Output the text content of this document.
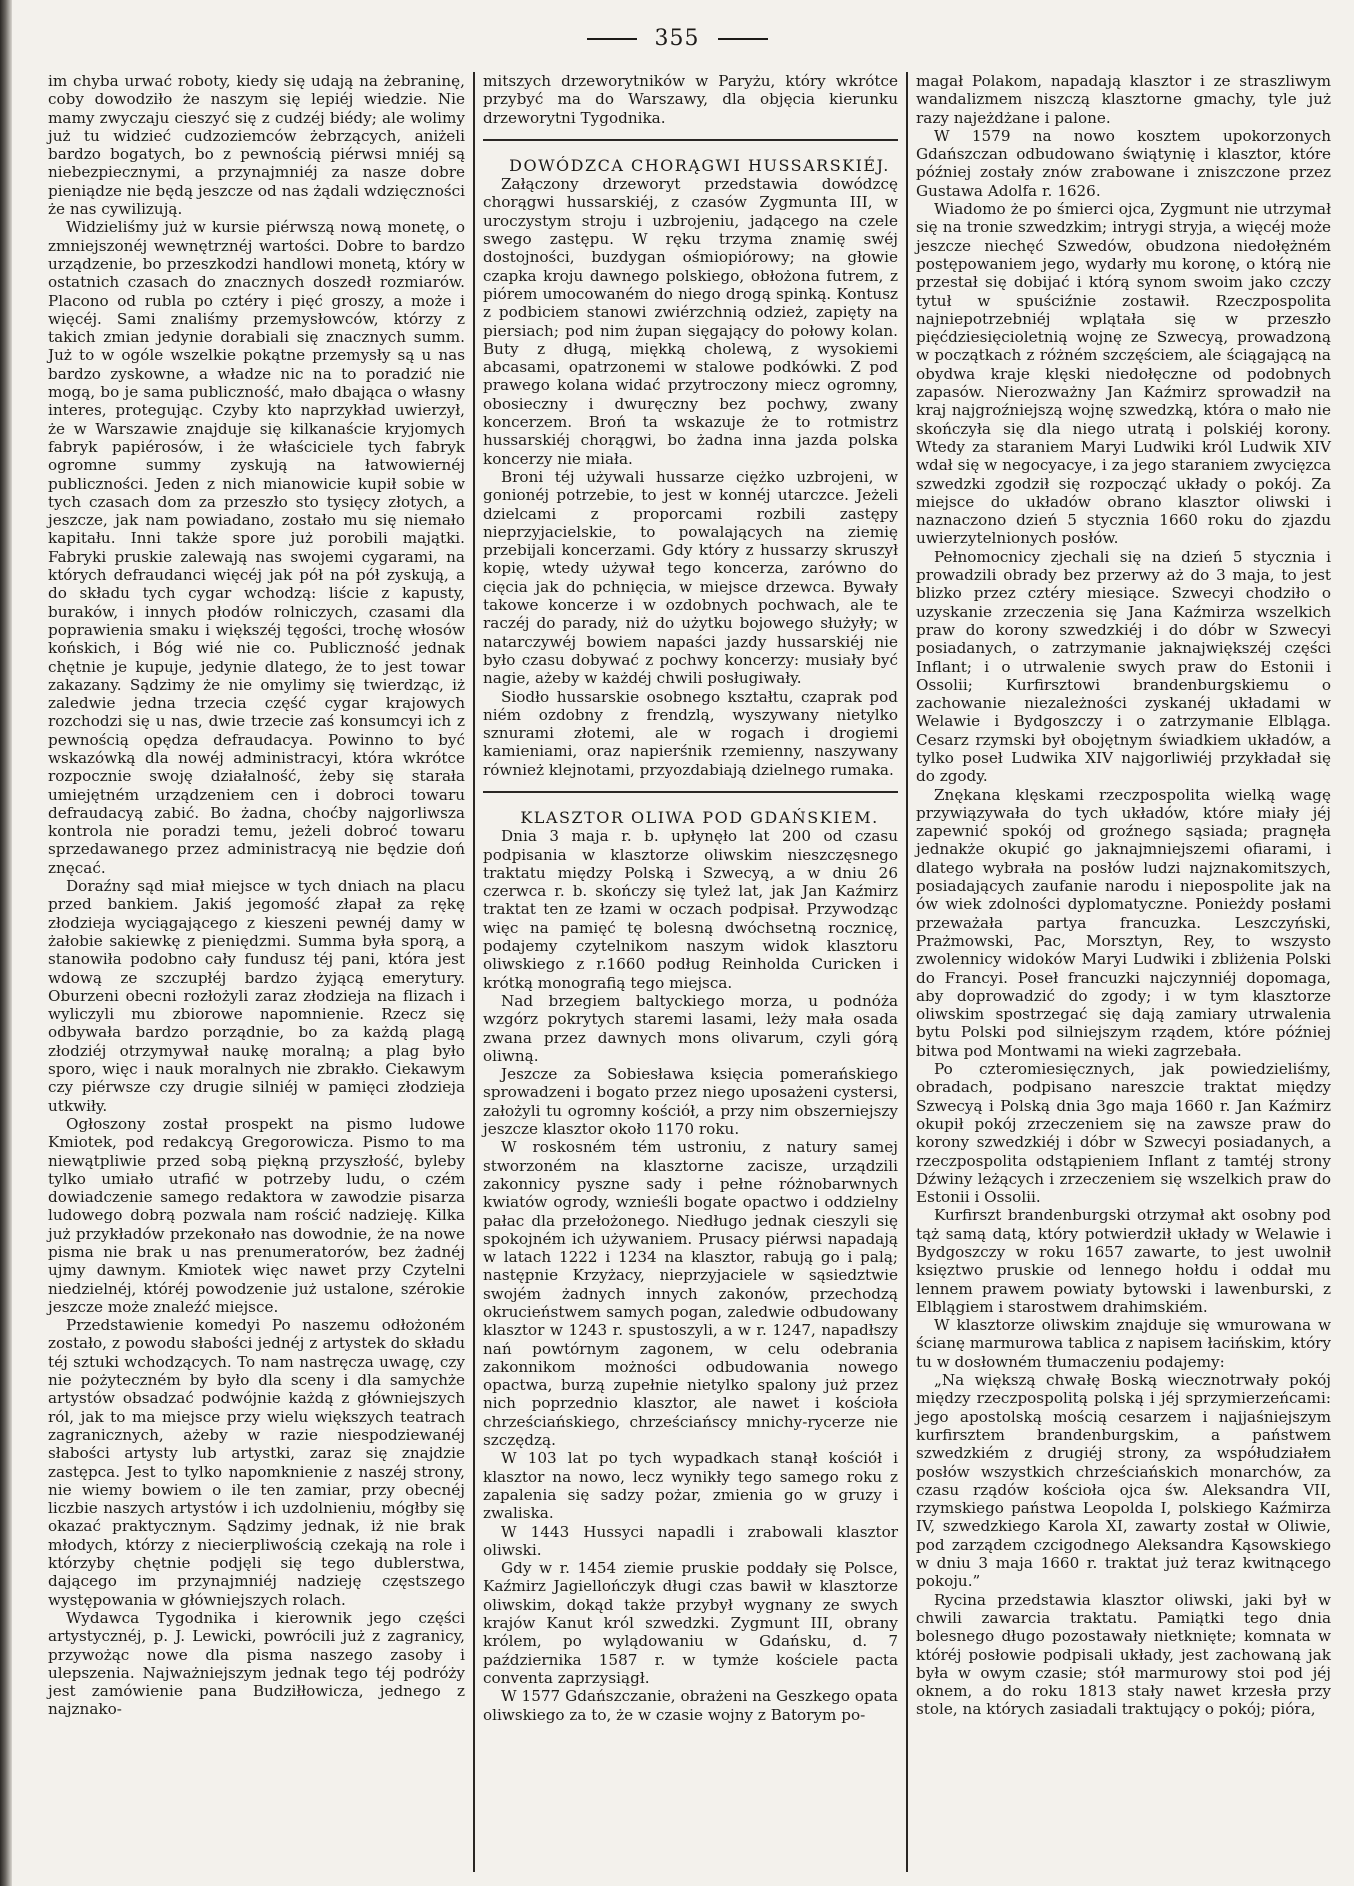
355

im chyba urwać roboty, kiedy się udają na żebraninę, coby dowodziło że naszym się lepiéj wiedzie. Nie mamy zwyczaju cieszyć się z cudzéj biédy; ale wolimy już tu widzieć cudzoziemców żebrzących, aniżeli bardzo bogatych, bo z pewnością piérwsi mniéj są niebezpiecznymi, a przynajmniéj za nasze dobre pieniądze nie będą jeszcze od nas żądali wdzięczności że nas cywilizują.

Widzieliśmy już w kursie piérwszą nową monetę, o zmniejszonéj wewnętrznéj wartości. Dobre to bardzo urządzenie, bo przeszkodzi handlowi monetą, który w ostatnich czasach do znacznych doszedł rozmiarów. Placono od rubla po cztéry i pięć groszy, a może i więcéj. Sami znaliśmy przemysłowców, którzy z takich zmian jedynie dorabiali się znacznych summ. Już to w ogóle wszelkie pokątne przemysły są u nas bardzo zyskowne, a władze nic na to poradzić nie mogą, bo je sama publiczność, mało dbająca o własny interes, protegując. Czyby kto naprzykład uwierzył, że w Warszawie znajduje się kilkanaście kryjomych fabryk papiérosów, i że właściciele tych fabryk ogromne summy zyskują na łatwowiernéj publiczności. Jeden z nich mianowicie kupił sobie w tych czasach dom za przeszło sto tysięcy złotych, a jeszcze, jak nam powiadano, zostało mu się niemało kapitału. Inni także spore już porobili majątki. Fabryki pruskie zalewają nas swojemi cygarami, na których defraudanci więcéj jak pół na pół zyskują, a do składu tych cygar wchodzą: liście z kapusty, buraków, i innych płodów rolniczych, czasami dla poprawienia smaku i większéj tęgości, trochę włosów końskich, i Bóg wié nie co. Publiczność jednak chętnie je kupuje, jedynie dlatego, że to jest towar zakazany. Sądzimy że nie omylimy się twierdząc, iż zaledwie jedna trzecia część cygar krajowych rozchodzi się u nas, dwie trzecie zaś konsumcyi ich z pewnością opędza defraudacya. Powinno to być wskazówką dla nowéj administracyi, która wkrótce rozpocznie swoję działalność, żeby się starała umiejętném urządzeniem cen i dobroci towaru defraudacyą zabić. Bo żadna, choćby najgorliwsza kontrola nie poradzi temu, jeżeli dobroć towaru sprzedawanego przez administracyą nie będzie doń znęcać.

Doraźny sąd miał miejsce w tych dniach na placu przed bankiem. Jakiś jegomość złapał za rękę złodzieja wyciągającego z kieszeni pewnéj damy w żałobie sakiewkę z pieniędzmi. Summa była sporą, a stanowiła podobno cały fundusz téj pani, która jest wdową ze szczupłéj bardzo żyjącą emerytury. Oburzeni obecni rozłożyli zaraz złodzieja na flizach i wyliczyli mu zbiorowe napomnienie. Rzecz się odbywała bardzo porządnie, bo za każdą plagą złodziéj otrzymywał naukę moralną; a plag było sporo, więc i nauk moralnych nie zbrakło. Ciekawym czy piérwsze czy drugie silniéj w pamięci złodzieja utkwiły.

Ogłoszony został prospekt na pismo ludowe Kmiotek, pod redakcyą Gregorowicza. Pismo to ma niewątpliwie przed sobą piękną przyszłość, byleby tylko umiało utrafić w potrzeby ludu, o czém dowiadczenie samego redaktora w zawodzie pisarza ludowego dobrą pozwala nam rościć nadzieję. Kilka już przykładów przekonało nas dowodnie, że na nowe pisma nie brak u nas prenumeratorów, bez żadnéj ujmy dawnym. Kmiotek więc nawet przy Czytelni niedzielnéj, któréj powodzenie już ustalone, szérokie jeszcze może znaleźć miejsce.

Przedstawienie komedyi Po naszemu odłożoném zostało, z powodu słabości jednéj z artystek do składu téj sztuki wchodzących. To nam nastręcza uwagę, czy nie pożyteczném by było dla sceny i dla samychże artystów obsadzać podwójnie każdą z główniejszych ról, jak to ma miejsce przy wielu większych teatrach zagranicznych, ażeby w razie niespodziewanéj słabości artysty lub artystki, zaraz się znajdzie zastępca. Jest to tylko napomknienie z naszéj strony, nie wiemy bowiem o ile ten zamiar, przy obecnéj liczbie naszych artystów i ich uzdolnieniu, mógłby się okazać praktycznym. Sądzimy jednak, iż nie brak młodych, którzy z niecierpliwością czekają na role i którzyby chętnie podjęli się tego dublerstwa, dającego im przynajmniéj nadzieję częstszego występowania w główniejszych rolach.

Wydawca Tygodnika i kierownik jego części artystycznéj, p. J. Lewicki, powrócili już z zagranicy, przywożąc nowe dla pisma naszego zasoby i ulepszenia. Najważniejszym jednak tego téj podróży jest zamówienie pana Budziłłowicza, jednego z najznako-

mitszych drzeworytników w Paryżu, który wkrótce przybyć ma do Warszawy, dla objęcia kierunku drzeworytni Tygodnika.

DOWÓDZCA CHORĄGWI HUSSARSKIÉJ.

Załączony drzeworyt przedstawia dowódzcę chorągwi hussarskiéj, z czasów Zygmunta III, w uroczystym stroju i uzbrojeniu, jadącego na czele swego zastępu. W ręku trzyma znamię swéj dostojności, buzdygan ośmiopiórowy; na głowie czapka kroju dawnego polskiego, obłożona futrem, z piórem umocowaném do niego drogą spinką. Kontusz z podbiciem stanowi zwiérzchnią odzież, zapięty na piersiach; pod nim żupan sięgający do połowy kolan. Buty z długą, miękką cholewą, z wysokiemi abcasami, opatrzonemi w stalowe podkówki. Z pod prawego kolana widać przytroczony miecz ogromny, obosieczny i dwuręczny bez pochwy, zwany koncerzem. Broń ta wskazuje że to rotmistrz hussarskiéj chorągwi, bo żadna inna jazda polska koncerzy nie miała.

Broni téj używali hussarze ciężko uzbrojeni, w gonionéj potrzebie, to jest w konnéj utarczce. Jeżeli dzielcami z proporcami rozbili zastępy nieprzyjacielskie, to powalających na ziemię przebijali koncerzami. Gdy który z hussarzy skruszył kopię, wtedy używał tego koncerza, zarówno do cięcia jak do pchnięcia, w miejsce drzewca. Bywały takowe koncerze i w ozdobnych pochwach, ale te raczéj do parady, niż do użytku bojowego służyły; w natarczywéj bowiem napaści jazdy hussarskiéj nie było czasu dobywać z pochwy koncerzy: musiały być nagie, ażeby w każdéj chwili posługiwały.

Siodło hussarskie osobnego kształtu, czaprak pod niém ozdobny z frendzlą, wyszywany nietylko sznurami złotemi, ale w rogach i drogiemi kamieniami, oraz napierśnik rzemienny, naszywany również klejnotami, przyozdabiają dzielnego rumaka.

KLASZTOR OLIWA POD GDAŃSKIEM.

Dnia 3 maja r. b. upłynęło lat 200 od czasu podpisania w klasztorze oliwskim nieszczęsnego traktatu między Polską i Szwecyą, a w dniu 26 czerwca r. b. skończy się tyleż lat, jak Jan Kaźmirz traktat ten ze łzami w oczach podpisał. Przywodząc więc na pamięć tę bolesną dwóchsetną rocznicę, podajemy czytelnikom naszym widok klasztoru oliwskiego z r.1660 podług Reinholda Curicken i krótką monografią tego miejsca.

Nad brzegiem baltyckiego morza, u podnóża wzgórz pokrytych staremi lasami, leży mała osada zwana przez dawnych mons olivarum, czyli górą oliwną.

Jeszcze za Sobiesława księcia pomerańskiego sprowadzeni i bogato przez niego uposażeni cystersi, założyli tu ogromny kościół, a przy nim obszerniejszy jeszcze klasztor około 1170 roku.

W roskosném tém ustroniu, z natury samej stworzoném na klasztorne zacisze, urządzili zakonnicy pyszne sady i pełne różnobarwnych kwiatów ogrody, wznieśli bogate opactwo i oddzielny pałac dla przełożonego. Niedługo jednak cieszyli się spokojném ich używaniem. Prusacy piérwsi napadają w latach 1222 i 1234 na klasztor, rabują go i palą; następnie Krzyżacy, nieprzyjaciele w sąsiedztwie swojém żadnych innych zakonów, przechodzą okrucieństwem samych pogan, zaledwie odbudowany klasztor w 1243 r. spustoszyli, a w r. 1247, napadłszy nań powtórnym zagonem, w celu odebrania zakonnikom możności odbudowania nowego opactwa, burzą zupełnie nietylko spalony już przez nich poprzednio klasztor, ale nawet i kościoła chrześciańskiego, chrześciańscy mnichy-rycerze nie szczędzą.

W 103 lat po tych wypadkach stanął kościół i klasztor na nowo, lecz wynikły tego samego roku z zapalenia się sadzy pożar, zmienia go w gruzy i zwaliska.

W 1443 Hussyci napadli i zrabowali klasztor oliwski.

Gdy w r. 1454 ziemie pruskie poddały się Polsce, Kaźmirz Jagiellończyk długi czas bawił w klasztorze oliwskim, dokąd także przybył wygnany ze swych krajów Kanut król szwedzki. Zygmunt III, obrany królem, po wylądowaniu w Gdańsku, d. 7 października 1587 r. w tymże kościele pacta conventa zaprzysiągł.

W 1577 Gdańszczanie, obrażeni na Geszkego opata oliwskiego za to, że w czasie wojny z Batorym po-

magał Polakom, napadają klasztor i ze straszliwym wandalizmem niszczą klasztorne gmachy, tyle już razy najeżdżane i palone.

W 1579 na nowo kosztem upokorzonych Gdańszczan odbudowano świątynię i klasztor, które później zostały znów zrabowane i zniszczone przez Gustawa Adolfa r. 1626.

Wiadomo że po śmierci ojca, Zygmunt nie utrzymał się na tronie szwedzkim; intrygi stryja, a więcéj może jeszcze niechęć Szwedów, obudzona niedołężném postępowaniem jego, wydarły mu koronę, o którą nie przestał się dobijać i którą synom swoim jako czczy tytuł w spuściźnie zostawił. Rzeczpospolita najniepotrzebniéj wplątała się w przeszło pięćdziesięcioletnią wojnę ze Szwecyą, prowadzoną w początkach z różném szczęściem, ale ściągającą na obydwa kraje klęski niedołęczne od podobnych zapasów. Nierozważny Jan Kaźmirz sprowadził na kraj najgroźniejszą wojnę szwedzką, która o mało nie skończyła się dla niego utratą i polskiéj korony. Wtedy za staraniem Maryi Ludwiki król Ludwik XIV wdał się w negocyacye, i za jego staraniem zwycięzca szwedzki zgodził się rozpocząć układy o pokój. Za miejsce do układów obrano klasztor oliwski i naznaczono dzień 5 stycznia 1660 roku do zjazdu uwierzytelnionych posłów.

Pełnomocnicy zjechali się na dzień 5 stycznia i prowadzili obrady bez przerwy aż do 3 maja, to jest blizko przez cztéry miesiące. Szwecyi chodziło o uzyskanie zrzeczenia się Jana Kaźmirza wszelkich praw do korony szwedzkiéj i do dóbr w Szwecyi posiadanych, o zatrzymanie jaknajwiększéj części Inflant; i o utrwalenie swych praw do Estonii i Ossolii; Kurfirsztowi brandenburgskiemu o zachowanie niezależności zyskanéj układami w Welawie i Bydgoszczy i o zatrzymanie Elbląga. Cesarz rzymski był obojętnym świadkiem układów, a tylko poseł Ludwika XIV najgorliwiéj przykładał się do zgody.

Znękana klęskami rzeczpospolita wielką wagę przywiązywała do tych układów, które miały jéj zapewnić spokój od groźnego sąsiada; pragnęła jednakże okupić go jaknajmniejszemi ofiarami, i dlatego wybrała na posłów ludzi najznakomitszych, posiadających zaufanie narodu i niepospolite jak na ów wiek zdolności dyplomatyczne. Ponieżdy posłami przeważała partya francuzka. Leszczyński, Prażmowski, Pac, Morsztyn, Rey, to wszysto zwolennicy widoków Maryi Ludwiki i zbliżenia Polski do Francyi. Poseł francuzki najczynniéj dopomaga, aby doprowadzić do zgody; i w tym klasztorze oliwskim spostrzegać się dają zamiary utrwalenia bytu Polski pod silniejszym rządem, które później bitwa pod Montwami na wieki zagrzebała.

Po czteromiesięcznych, jak powiedzieliśmy, obradach, podpisano nareszcie traktat między Szwecyą i Polską dnia 3go maja 1660 r. Jan Kaźmirz okupił pokój zrzeczeniem się na zawsze praw do korony szwedzkiéj i dóbr w Szwecyi posiadanych, a rzeczpospolita odstąpieniem Inflant z tamtéj strony Dźwiny leżących i zrzeczeniem się wszelkich praw do Estonii i Ossolii.

Kurfirszt brandenburgski otrzymał akt osobny pod tąż samą datą, który potwierdził układy w Welawie i Bydgoszczy w roku 1657 zawarte, to jest uwolnił księztwo pruskie od lennego hołdu i oddał mu lennem prawem powiaty bytowski i lawenburski, z Elblągiem i starostwem drahimskiém.

W klasztorze oliwskim znajduje się wmurowana w ścianę marmurowa tablica z napisem łacińskim, który tu w dosłowném tłumaczeniu podajemy:

„Na większą chwałę Boską wiecznotrwały pokój między rzeczpospolitą polską i jéj sprzymierzeńcami: jego apostolską mością cesarzem i najjaśniejszym kurfirsztem brandenburgskim, a państwem szwedzkiém z drugiéj strony, za współudziałem posłów wszystkich chrześciańskich monarchów, za czasu rządów kościoła ojca św. Aleksandra VII, rzymskiego państwa Leopolda I, polskiego Kaźmirza IV, szwedzkiego Karola XI, zawarty został w Oliwie, pod zarządem czcigodnego Aleksandra Kąsowskiego w dniu 3 maja 1660 r. traktat już teraz kwitnącego pokoju.”

Rycina przedstawia klasztor oliwski, jaki był w chwili zawarcia traktatu. Pamiątki tego dnia bolesnego długo pozostawały nietknięte; komnata w któréj posłowie podpisali układy, jest zachowaną jak była w owym czasie; stół marmurowy stoi pod jéj oknem, a do roku 1813 stały nawet krzesła przy stole, na których zasiadali traktujący o pokój; pióra,
